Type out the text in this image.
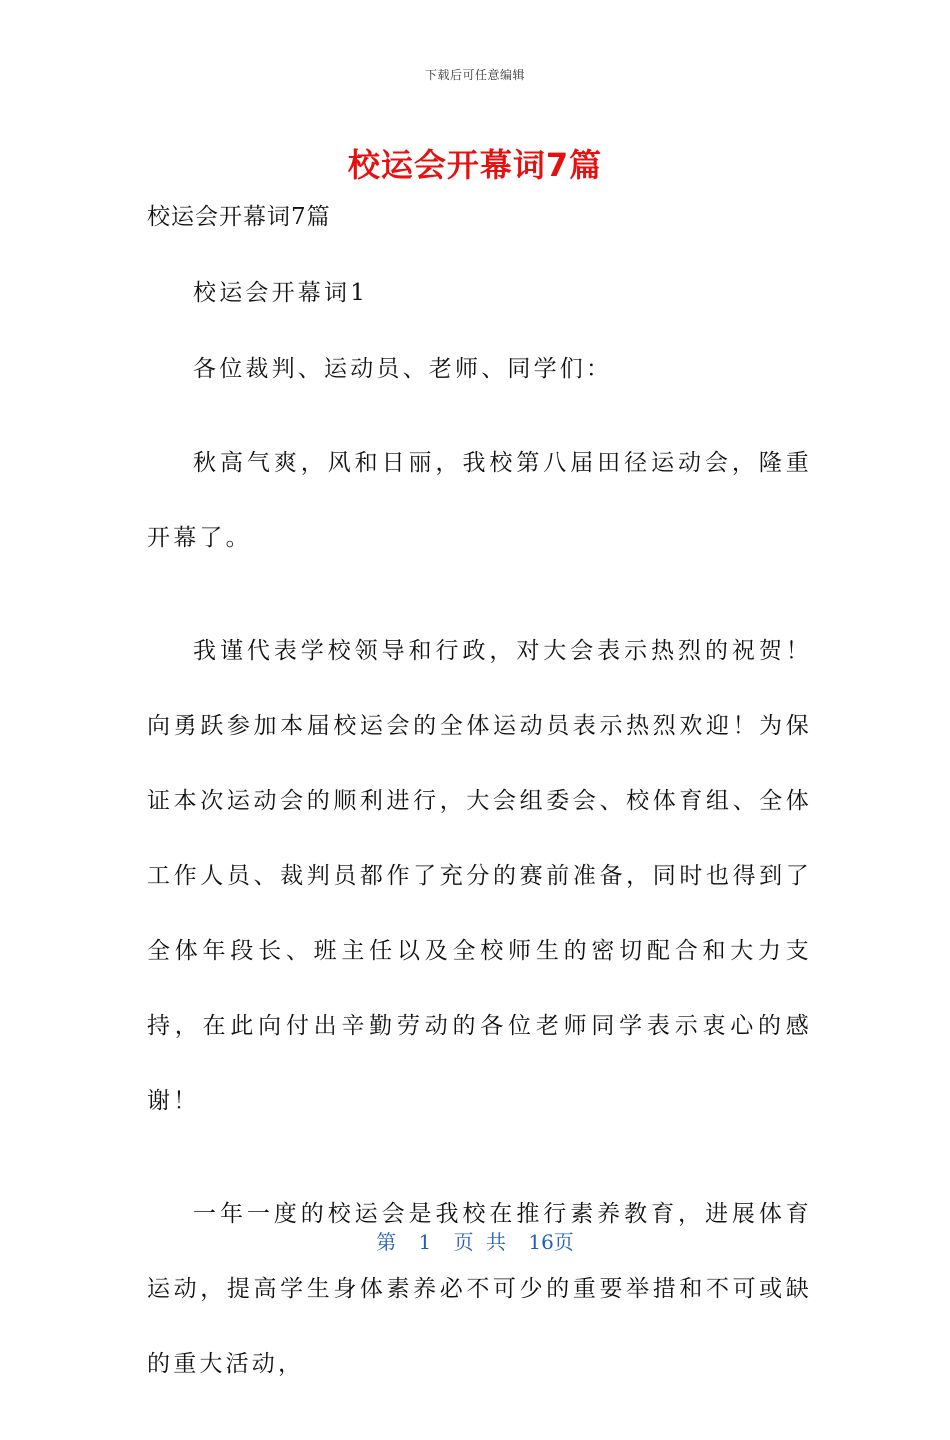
下载后可任意编辑
校运会开幕词7篇
校运会开幕词7篇
校运会开幕词1
各位裁判、运动员、老师、同学们：
秋高气爽，风和日丽，我校第八届田径运动会，隆重开幕了。
我谨代表学校领导和行政，对大会表示热烈的祝贺！向勇跃参加本届校运会的全体运动员表示热烈欢迎！为保证本次运动会的顺利进行，大会组委会、校体育组、全体工作人员、裁判员都作了充分的赛前准备，同时也得到了全体年段长、班主任以及全校师生的密切配合和大力支持，在此向付出辛勤劳动的各位老师同学表示衷心的感谢！
一年一度的校运会是我校在推行素养教育，进展体育运动，提高学生身体素养必不可少的重要举措和不可或缺的重大活动，
第 1 页 共 16页
